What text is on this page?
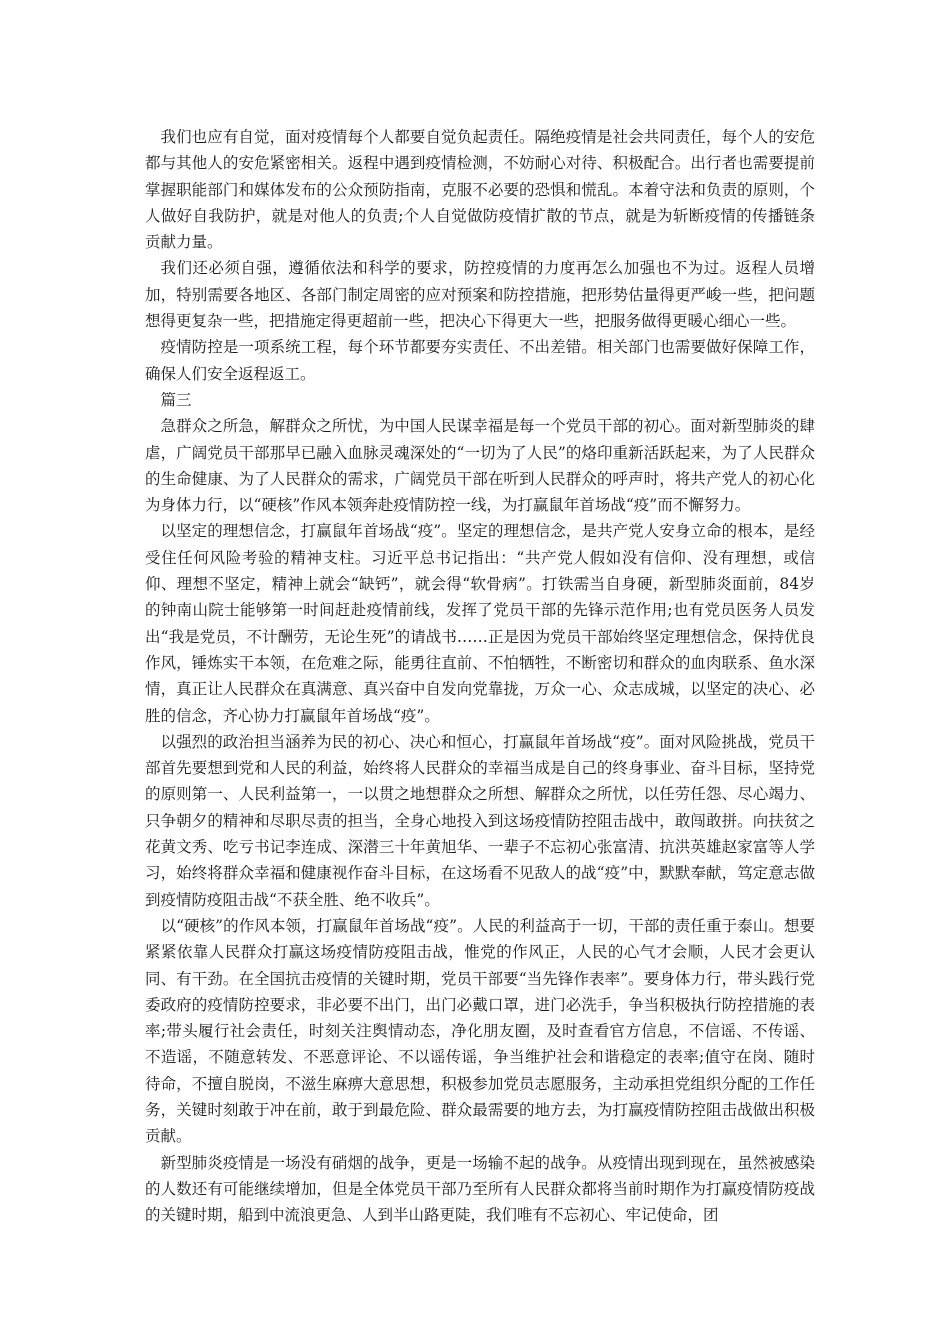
我们也应有自觉，面对疫情每个人都要自觉负起责任。隔绝疫情是社会共同责任，每个人的安危都与其他人的安危紧密相关。返程中遇到疫情检测，不妨耐心对待、积极配合。出行者也需要提前掌握职能部门和媒体发布的公众预防指南，克服不必要的恐惧和慌乱。本着守法和负责的原则，个人做好自我防护，就是对他人的负责;个人自觉做防疫情扩散的节点，就是为斩断疫情的传播链条贡献力量。

我们还必须自强，遵循依法和科学的要求，防控疫情的力度再怎么加强也不为过。返程人员增加，特别需要各地区、各部门制定周密的应对预案和防控措施，把形势估量得更严峻一些，把问题想得更复杂一些，把措施定得更超前一些，把决心下得更大一些，把服务做得更暖心细心一些。

疫情防控是一项系统工程，每个环节都要夯实责任、不出差错。相关部门也需要做好保障工作，确保人们安全返程返工。

篇三

急群众之所急，解群众之所忧，为中国人民谋幸福是每一个党员干部的初心。面对新型肺炎的肆虐，广阔党员干部那早已融入血脉灵魂深处的“一切为了人民”的烙印重新活跃起来，为了人民群众的生命健康、为了人民群众的需求，广阔党员干部在听到人民群众的呼声时，将共产党人的初心化为身体力行，以“硬核”作风本领奔赴疫情防控一线，为打赢鼠年首场战“疫”而不懈努力。

以坚定的理想信念，打赢鼠年首场战“疫”。坚定的理想信念，是共产党人安身立命的根本，是经受住任何风险考验的精神支柱。习近平总书记指出：“共产党人假如没有信仰、没有理想，或信仰、理想不坚定，精神上就会“缺钙”，就会得“软骨病”。打铁需当自身硬，新型肺炎面前，84岁的钟南山院士能够第一时间赶赴疫情前线，发挥了党员干部的先锋示范作用;也有党员医务人员发出“我是党员，不计酬劳，无论生死”的请战书……正是因为党员干部始终坚定理想信念，保持优良作风，锤炼实干本领，在危难之际，能勇往直前、不怕牺牲，不断密切和群众的血肉联系、鱼水深情，真正让人民群众在真满意、真兴奋中自发向党靠拢，万众一心、众志成城，以坚定的决心、必胜的信念，齐心协力打赢鼠年首场战“疫”。

以强烈的政治担当涵养为民的初心、决心和恒心，打赢鼠年首场战“疫”。面对风险挑战，党员干部首先要想到党和人民的利益，始终将人民群众的幸福当成是自己的终身事业、奋斗目标，坚持党的原则第一、人民利益第一，一以贯之地想群众之所想、解群众之所忧，以任劳任怨、尽心竭力、只争朝夕的精神和尽职尽责的担当，全身心地投入到这场疫情防控阻击战中，敢闯敢拼。向扶贫之花黄文秀、吃亏书记李连成、深潜三十年黄旭华、一辈子不忘初心张富清、抗洪英雄赵家富等人学习，始终将群众幸福和健康视作奋斗目标，在这场看不见敌人的战“疫”中，默默奉献，笃定意志做到疫情防疫阻击战“不获全胜、绝不收兵”。

以“硬核”的作风本领，打赢鼠年首场战“疫”。人民的利益高于一切，干部的责任重于泰山。想要紧紧依靠人民群众打赢这场疫情防疫阻击战，惟党的作风正，人民的心气才会顺，人民才会更认同、有干劲。在全国抗击疫情的关键时期，党员干部要“当先锋作表率”。要身体力行，带头践行党委政府的疫情防控要求，非必要不出门，出门必戴口罩，进门必洗手，争当积极执行防控措施的表率;带头履行社会责任，时刻关注舆情动态，净化朋友圈，及时查看官方信息，不信谣、不传谣、不造谣，不随意转发、不恶意评论、不以谣传谣，争当维护社会和谐稳定的表率;值守在岗、随时待命，不擅自脱岗，不滋生麻痹大意思想，积极参加党员志愿服务，主动承担党组织分配的工作任务，关键时刻敢于冲在前，敢于到最危险、群众最需要的地方去，为打赢疫情防控阻击战做出积极贡献。

新型肺炎疫情是一场没有硝烟的战争，更是一场输不起的战争。从疫情出现到现在，虽然被感染的人数还有可能继续增加，但是全体党员干部乃至所有人民群众都将当前时期作为打赢疫情防疫战的关键时期，船到中流浪更急、人到半山路更陡，我们唯有不忘初心、牢记使命，团
